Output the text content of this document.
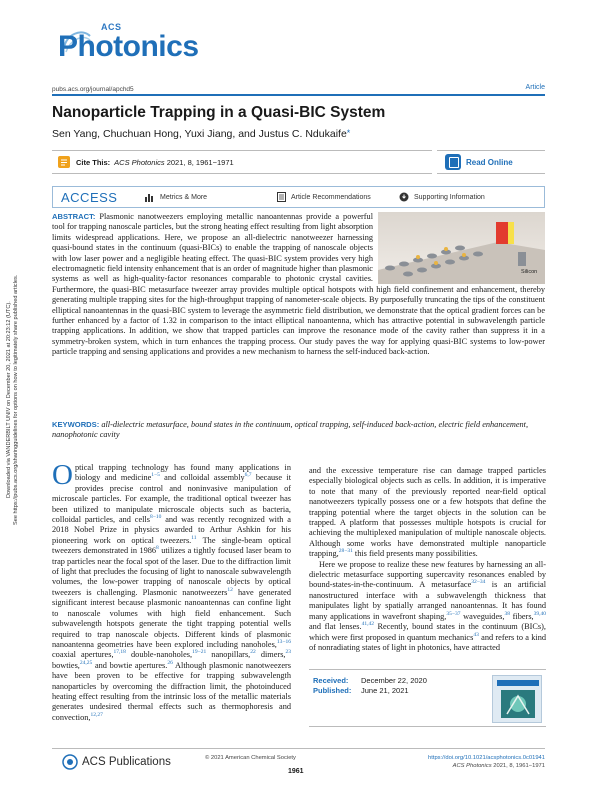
Downloaded via VANDERBILT UNIV on December 20, 2021 at 20:23:12 (UTC).
See https://pubs.acs.org/sharingguidelines for options on how to legitimately share published articles.
ACS
Photonics
pubs.acs.org/journal/apchd5	Article
Nanoparticle Trapping in a Quasi-BIC System
Sen Yang, Chuchuan Hong, Yuxi Jiang, and Justus C. Ndukaife*
Cite This: ACS Photonics 2021, 8, 1961−1971	Read Online
ACCESS	Metrics & More	Article Recommendations	Supporting Information
Silicon
ABSTRACT: Plasmonic nanotweezers employing metallic nanoantennas provide a powerful tool for trapping nanoscale particles, but the strong heating effect resulting from light absorption limits widespread applications. Here, we propose an all-dielectric nanotweezer harnessing quasi-bound states in the continuum (quasi-BICs) to enable the trapping of nanoscale objects with low laser power and a negligible heating effect. The quasi-BIC system provides very high electromagnetic field intensity enhancement that is an order of magnitude higher than plasmonic systems as well as high-quality-factor resonances comparable to photonic crystal cavities. Furthermore, the quasi-BIC metasurface tweezer array provides multiple optical hotspots with high field confinement and enhancement, thereby generating multiple trapping sites for the high-throughput trapping of nanometer-scale objects. By purposefully truncating the tips of the constituent elliptical nanoantennas in the quasi-BIC system to leverage the asymmetric field distribution, we demonstrate that the optical gradient forces can be further enhanced by a factor of 1.32 in comparison to the intact elliptical nanoantenna, which has attractive potential in subwavelength particle trapping applications. In addition, we show that trapped particles can improve the resonance mode of the cavity rather than suppress it in a symmetry-broken system, which in turn enhances the trapping process. Our study paves the way for applying quasi-BIC systems to low-power particle trapping and sensing applications and provides a new mechanism to harness the self-induced back-action.
KEYWORDS: all-dielectric metasurface, bound states in the continuum, optical trapping, self-induced back-action, electric field enhancement, nanophotonic cavity
Optical trapping technology has found many applications in biology and medicine$^{1-5}$ and colloidal assembly$^{6,7}$ because it provides precise control and noninvasive manipulation of microscale particles. For example, the traditional optical tweezer has been utilized to manipulate microscale objects such as bacteria, colloidal particles, and cells$^{8-10}$ and was recently recognized with a 2018 Nobel Prize in physics awarded to Arthur Ashkin for his pioneering work on optical tweezers.$^{11}$ The single-beam optical tweezers demonstrated in 1986$^8$ utilizes a tightly focused laser beam to trap particles near the focal spot of the laser. Due to the diffraction limit of light that precludes the focusing of light to nanoscale subwavelength volumes, the low-power trapping of nanoscale objects by optical tweezers is challenging. Plasmonic nanotweezers$^{12}$ have generated significant interest because plasmonic nanoantennas can confine light to nanoscale volumes with high field enhancement. Such subwavelength hotspots generate the tight trapping potential wells required to trap nanoscale objects. Different kinds of plasmonic nanoantenna geometries have been explored including nanoholes,$^{13-16}$ coaxial apertures,$^{17,18}$ double-nanoholes,$^{19-21}$ nanopillars,$^{22}$ dimers,$^{23}$ bowties,$^{24,25}$ and bowtie apertures.$^{26}$ Although plasmonic nanotweezers have been proven to be effective for trapping subwavelength nanoparticles by overcoming the diffraction limit, the photoinduced heating effect resulting from the intrinsic loss of the metallic materials generates undesired thermal effects such as thermophoresis and convection,$^{12,27}$
and the excessive temperature rise can damage trapped particles especially biological objects such as cells. In addition, it is imperative to note that many of the previously reported near-field optical nanotweezers typically possess one or a few hotspots that define the trapping potential where the target objects in the solution can be trapped. A platform that possesses multiple hotspots is crucial for achieving the multiplexed manipulation of multiple nanoscale objects. Although some works have demonstrated multiple nanoparticle trapping,$^{28-31}$ this field presents many possibilities.
Here we propose to realize these new features by harnessing an all-dielectric metasurface supporting supercavity resonances enabled by bound-states-in-the-continuum. A metasurface$^{32-34}$ is an artificial nanostructured interface with a subwavelength thickness that manipulates light by spatially arranged nanoantennas. It has found many applications in wavefront shaping,$^{35-37}$ waveguides,$^{38}$ fibers,$^{39,40}$ and flat lenses.$^{41,42}$ Recently, bound states in the continuum (BICs), which were first proposed in quantum mechanics$^{43}$ and refers to a kind of nonradiating states of light in photonics, have attracted
Received: December 22, 2020
Published: June 21, 2021
ACS Publications	© 2021 American Chemical Society
1961
https://doi.org/10.1021/acsphotonics.0c01941
ACS Photonics 2021, 8, 1961−1971
